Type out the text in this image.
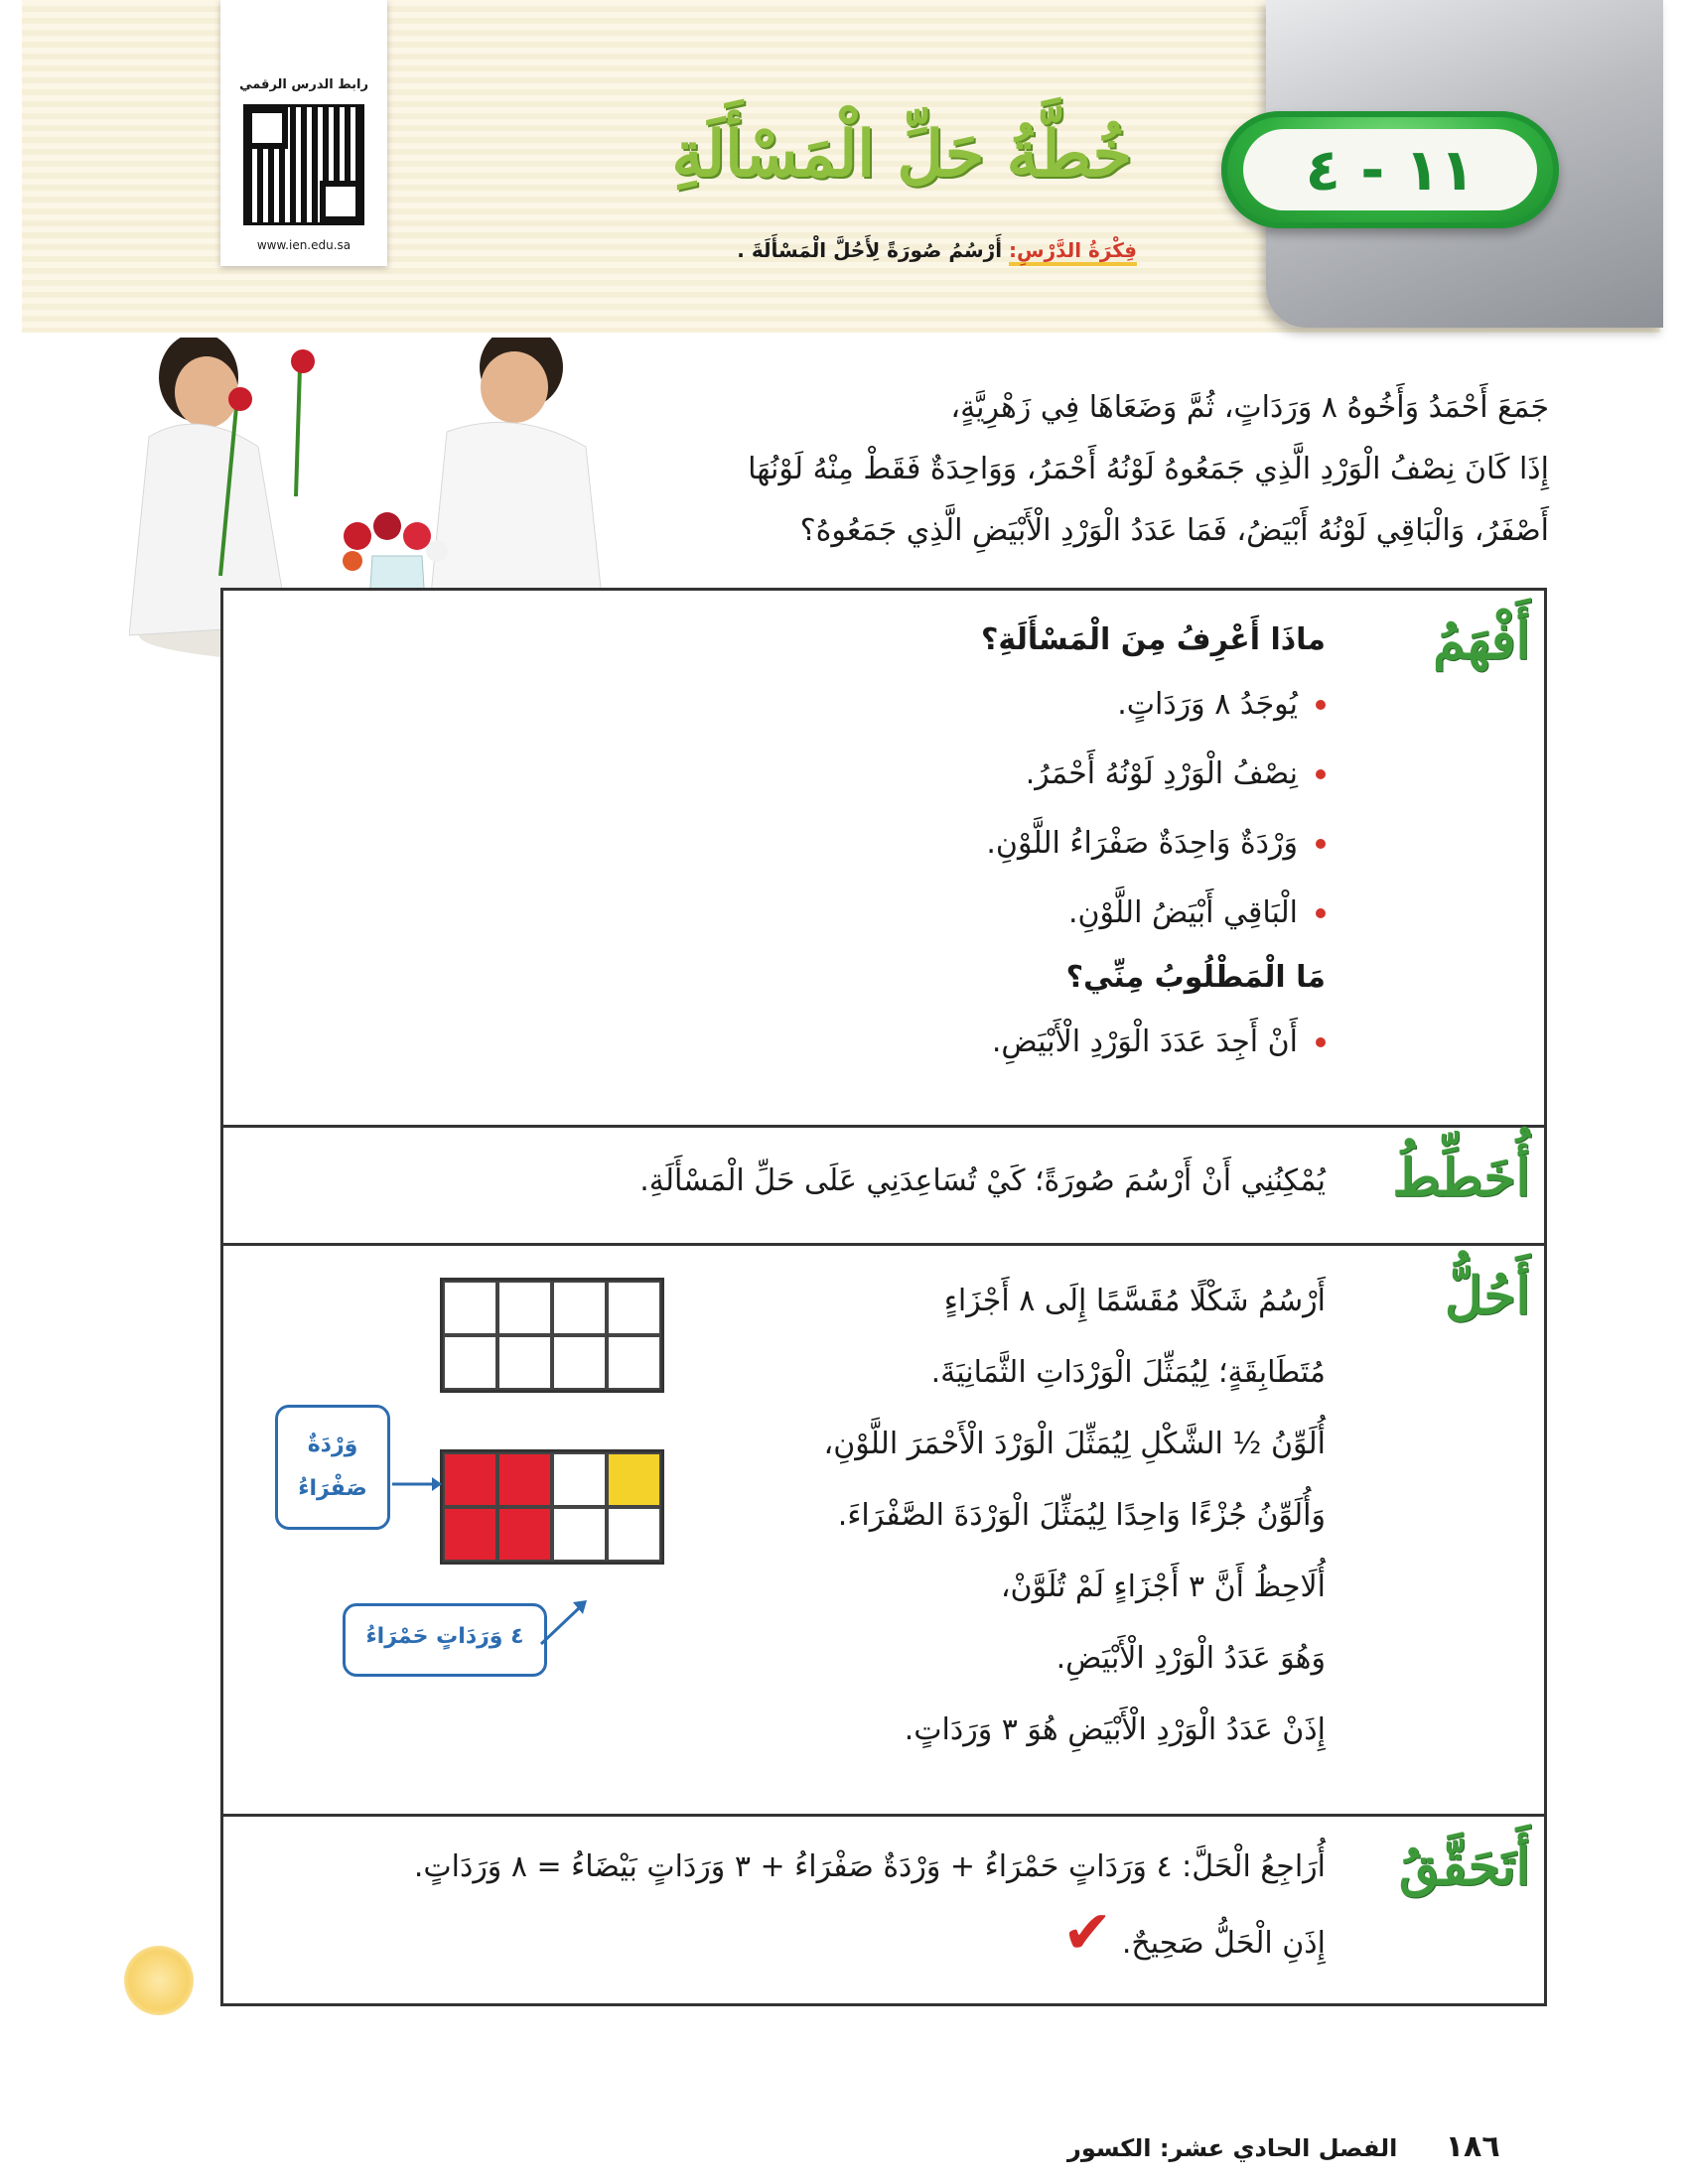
١١ - ٤
خُطَّةُ حَلِّ الْمَسْأَلَةِ
فِكْرَةُ الدَّرْسِ: أَرْسُمُ صُورَةً لِأَحُلَّ الْمَسْأَلَةَ .
رابط الدرس الرقمي
www.ien.edu.sa
جَمَعَ أَحْمَدُ وَأَخُوهُ ٨ وَرَدَاتٍ، ثُمَّ وَضَعَاهَا فِي زَهْرِيَّةٍ،
إِذَا كَانَ نِصْفُ الْوَرْدِ الَّذِي جَمَعُوهُ لَوْنُهُ أَحْمَرُ، وَوَاحِدَةٌ فَقَطْ مِنْهُ لَوْنُهَا
أَصْفَرُ، وَالْبَاقِي لَوْنُهُ أَبْيَضُ، فَمَا عَدَدُ الْوَرْدِ الْأَبْيَضِ الَّذِي جَمَعُوهُ؟
أَفْهَمُ
ماذَا أَعْرِفُ مِنَ الْمَسْأَلَةِ؟
يُوجَدُ ٨ وَرَدَاتٍ.
نِصْفُ الْوَرْدِ لَوْنُهُ أَحْمَرُ.
وَرْدَةٌ وَاحِدَةٌ صَفْرَاءُ اللَّوْنِ.
الْبَاقِي أَبْيَضُ اللَّوْنِ.
مَا الْمَطْلُوبُ مِنِّي؟
أَنْ أَجِدَ عَدَدَ الْوَرْدِ الْأَبْيَضِ.
أُخَطِّطُ
يُمْكِنُنِي أَنْ أَرْسُمَ صُورَةً؛ كَيْ تُسَاعِدَنِي عَلَى حَلِّ الْمَسْأَلَةِ.
أَحُلُّ
أَرْسُمُ شَكْلًا مُقَسَّمًا إِلَى ٨ أَجْزَاءٍ
مُتَطَابِقَةٍ؛ لِيُمَثِّلَ الْوَرْدَاتِ الثَّمَانِيَةَ.
أُلَوِّنُ ½ الشَّكْلِ لِيُمَثِّلَ الْوَرْدَ الْأَحْمَرَ اللَّوْنِ،
وَأُلَوِّنُ جُزْءًا وَاحِدًا لِيُمَثِّلَ الْوَرْدَةَ الصَّفْرَاءَ.
أُلَاحِظُ أَنَّ ٣ أَجْزَاءٍ لَمْ تُلَوَّنْ،
وَهُوَ عَدَدُ الْوَرْدِ الْأَبْيَضِ.
إِذَنْ عَدَدُ الْوَرْدِ الْأَبْيَضِ هُوَ ٣ وَرَدَاتٍ.
وَرْدَةٌ صَفْرَاءُ
٤ وَرَدَاتٍ حَمْرَاءُ
أَتَحَقَّقُ
أُرَاجِعُ الْحَلَّ: ٤ وَرَدَاتٍ حَمْرَاءُ + وَرْدَةٌ صَفْرَاءُ + ٣ وَرَدَاتٍ بَيْضَاءُ = ٨ وَرَدَاتٍ.
إِذَنِ الْحَلُّ صَحِيحٌ. ✔
١٨٦ الفصل الحادي عشر: الكسور
